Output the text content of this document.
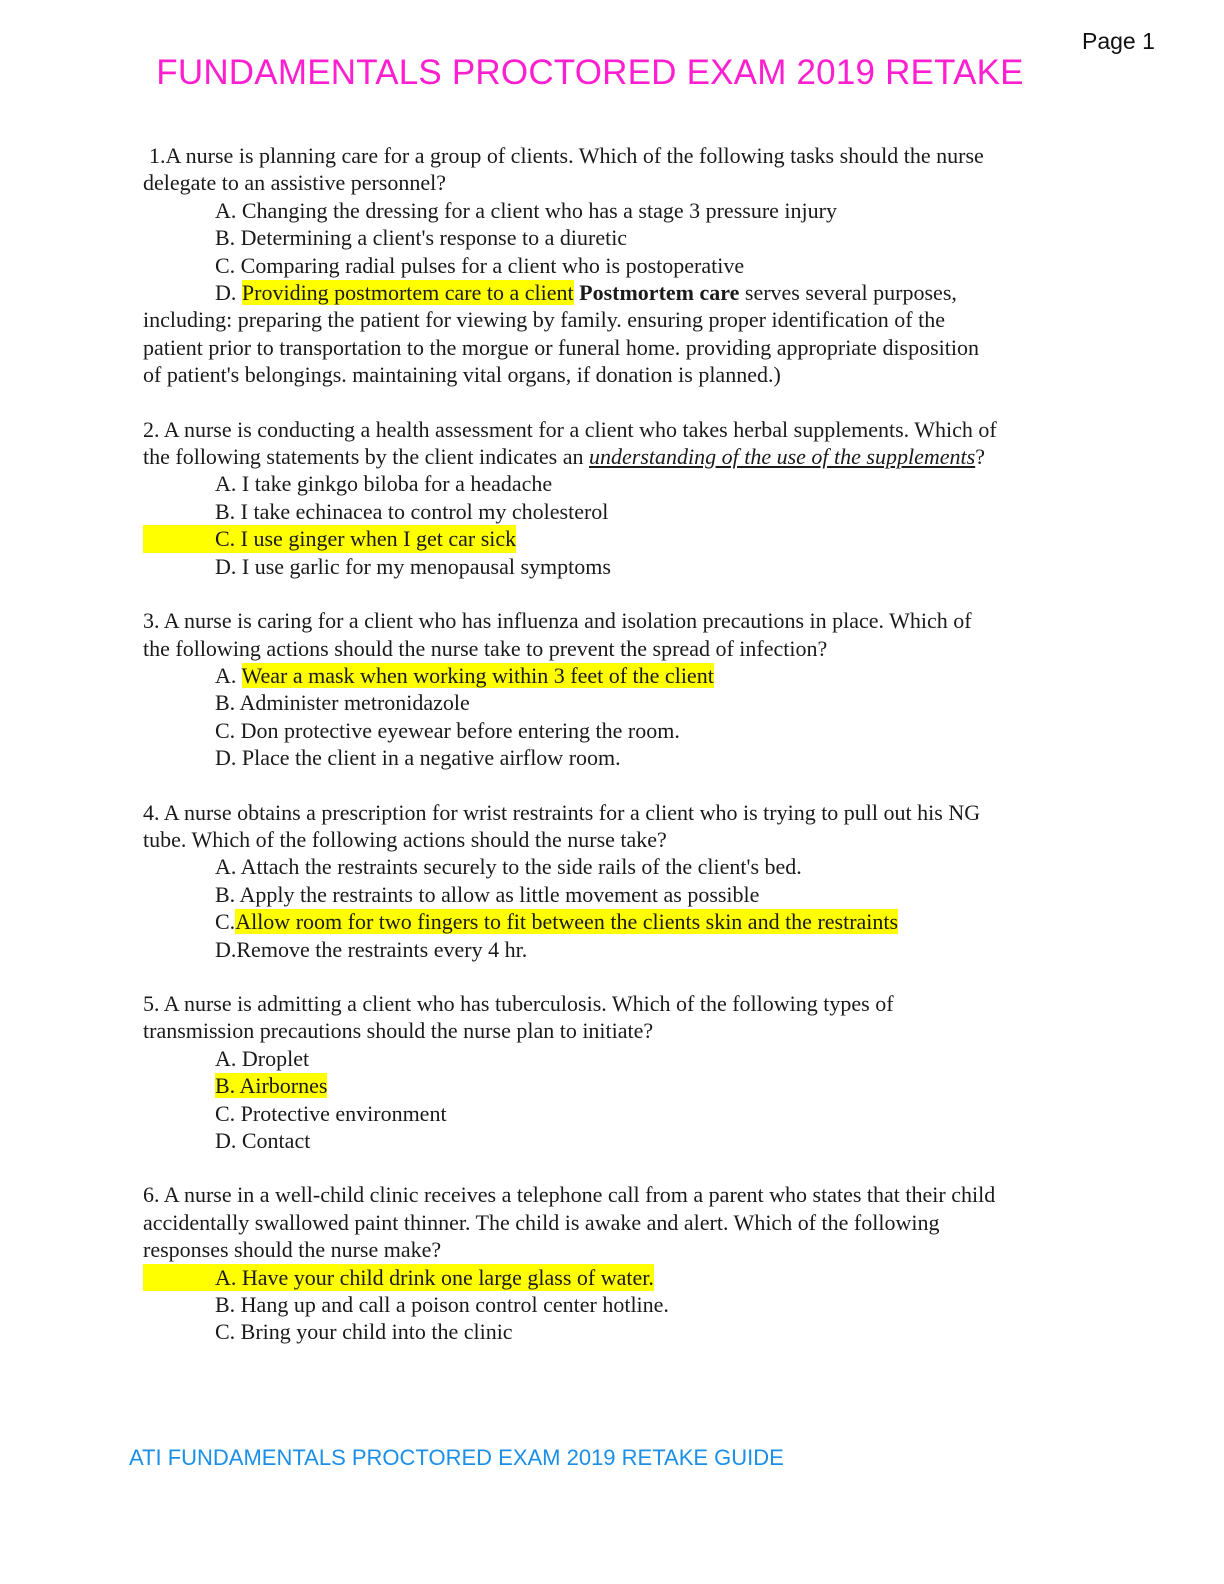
Page 1
FUNDAMENTALS PROCTORED EXAM 2019 RETAKE
1.A nurse is planning care for a group of clients. Which of the following tasks should the nurse
delegate to an assistive personnel?
A. Changing the dressing for a client who has a stage 3 pressure injury
B. Determining a client's response to a diuretic
C. Comparing radial pulses for a client who is postoperative
D. Providing postmortem care to a client Postmortem care serves several purposes,
including: preparing the patient for viewing by family. ensuring proper identification of the
patient prior to transportation to the morgue or funeral home. providing appropriate disposition
of patient's belongings. maintaining vital organs, if donation is planned.)
2. A nurse is conducting a health assessment for a client who takes herbal supplements. Which of
the following statements by the client indicates an understanding of the use of the supplements?
A. I take ginkgo biloba for a headache
B. I take echinacea to control my cholesterol
C. I use ginger when I get car sick
D. I use garlic for my menopausal symptoms
3. A nurse is caring for a client who has influenza and isolation precautions in place. Which of
the following actions should the nurse take to prevent the spread of infection?
A. Wear a mask when working within 3 feet of the client
B. Administer metronidazole
C. Don protective eyewear before entering the room.
D. Place the client in a negative airflow room.
4. A nurse obtains a prescription for wrist restraints for a client who is trying to pull out his NG
tube. Which of the following actions should the nurse take?
A. Attach the restraints securely to the side rails of the client's bed.
B. Apply the restraints to allow as little movement as possible
C.Allow room for two fingers to fit between the clients skin and the restraints
D.Remove the restraints every 4 hr.
5. A nurse is admitting a client who has tuberculosis. Which of the following types of
transmission precautions should the nurse plan to initiate?
A. Droplet
B. Airbornes
C. Protective environment
D. Contact
6. A nurse in a well-child clinic receives a telephone call from a parent who states that their child
accidentally swallowed paint thinner. The child is awake and alert. Which of the following
responses should the nurse make?
A. Have your child drink one large glass of water.
B. Hang up and call a poison control center hotline.
C. Bring your child into the clinic
ATI FUNDAMENTALS PROCTORED EXAM 2019 RETAKE GUIDE
